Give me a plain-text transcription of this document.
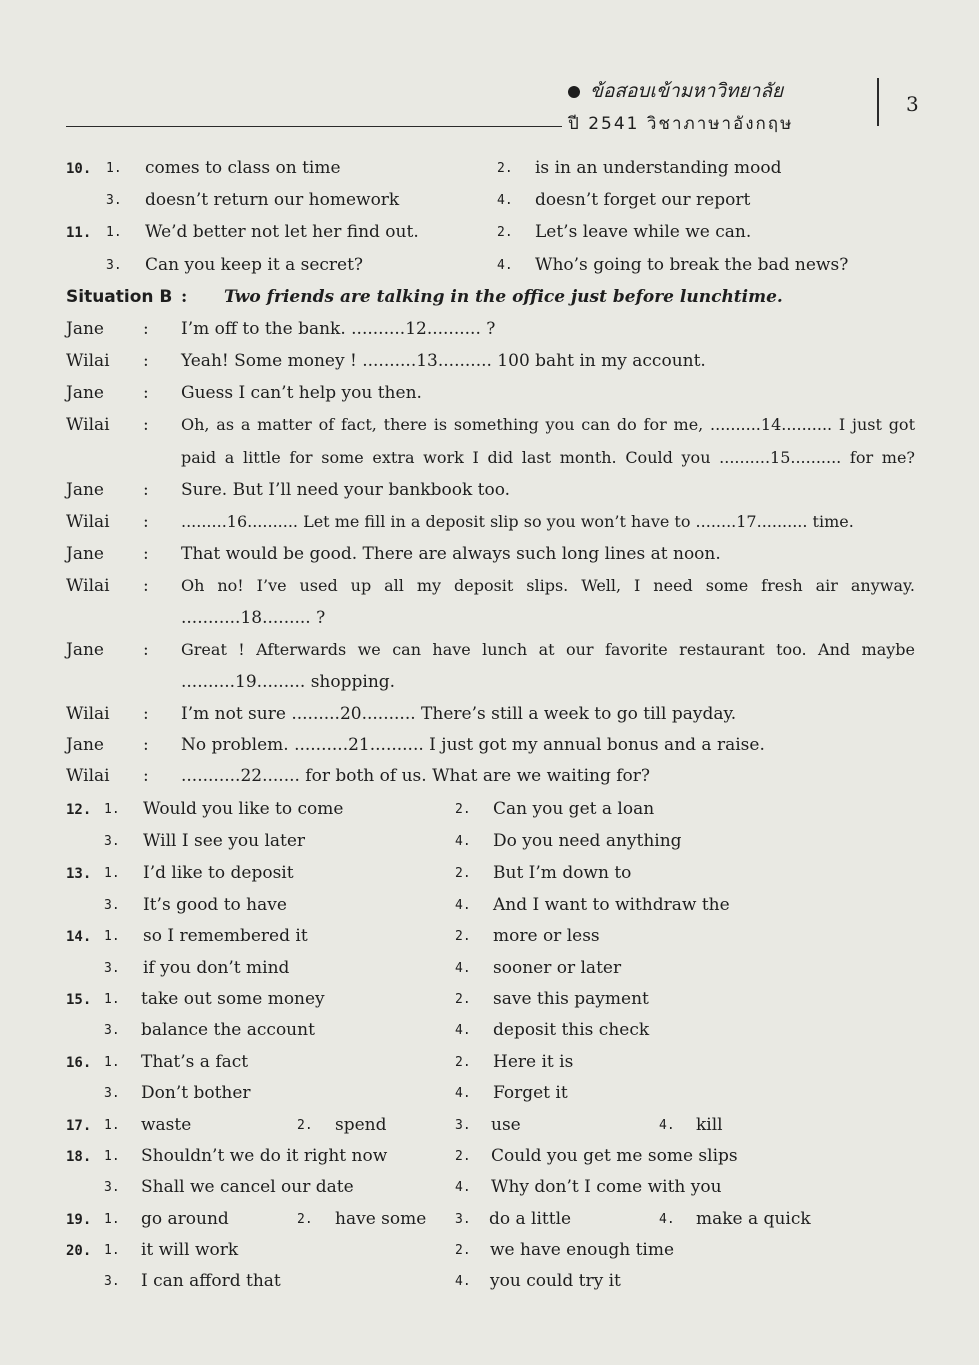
ข้อสอบเข้ามหาวิทยาลัย
ปี 2541 วิชาภาษาอังกฤษ
3
10. 1. comes to class on time	2. is in an understanding mood
3. doesn’t return our homework	4. doesn’t forget our report
11. 1. We’d better not let her find out.	2. Let’s leave while we can.
3. Can you keep it a secret?	4. Who’s going to break the bad news?
Situation B : Two friends are talking in the office just before lunchtime.
Jane : I’m off to the bank. ..........12.......... ?
Wilai : Yeah! Some money ! ..........13.......... 100 baht in my account.
Jane : Guess I can’t help you then.
Wilai : Oh, as a matter of fact, there is something you can do for me, ..........14.......... I just got
paid a little for some extra work I did last month. Could you ..........15.......... for me?
Jane : Sure. But I’ll need your bankbook too.
Wilai : .........16.......... Let me fill in a deposit slip so you won’t have to ........17.......... time.
Jane : That would be good. There are always such long lines at noon.
Wilai : Oh no! I’ve used up all my deposit slips. Well, I need some fresh air anyway.
...........18......... ?
Jane : Great ! Afterwards we can have lunch at our favorite restaurant too. And maybe
..........19......... shopping.
Wilai : I’m not sure .........20.......... There’s still a week to go till payday.
Jane : No problem. ..........21.......... I just got my annual bonus and a raise.
Wilai : ...........22....... for both of us. What are we waiting for?
12. 1. Would you like to come	2. Can you get a loan
3. Will I see you later	4. Do you need anything
13. 1. I’d like to deposit	2. But I’m down to
3. It’s good to have	4. And I want to withdraw the
14. 1. so I remembered it	2. more or less
3. if you don’t mind	4. sooner or later
15. 1. take out some money	2. save this payment
3. balance the account	4. deposit this check
16. 1. That’s a fact	2. Here it is
3. Don’t bother	4. Forget it
17. 1. waste	2. spend	3. use	4. kill
18. 1. Shouldn’t we do it right now	2. Could you get me some slips
3. Shall we cancel our date	4. Why don’t I come with you
19. 1. go around	2. have some 3. do a little	4. make a quick
20. 1. it will work	2. we have enough time
3. I can afford that	4. you could try it
